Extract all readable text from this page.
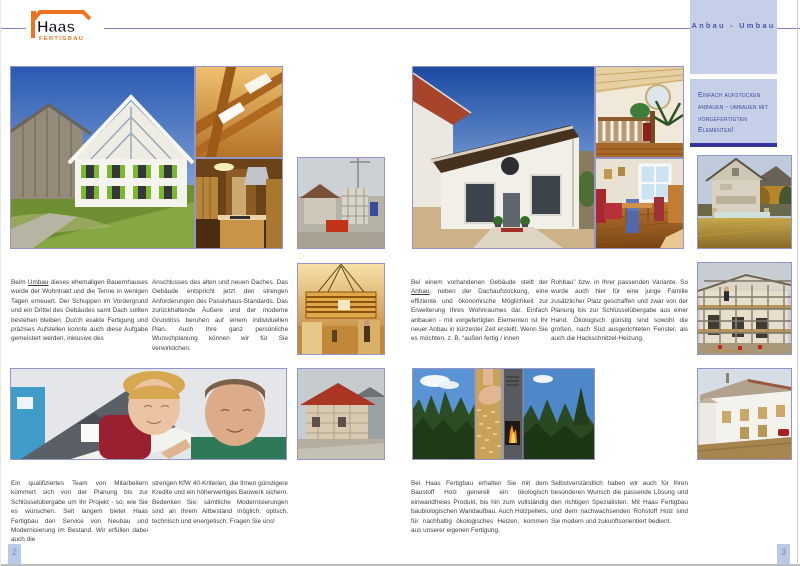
Haas
FERTIGBAU
Anbau - Umbau
Einfach aufstocken anbauen - umbauen mit vorgefertigten Elementen!

Beim Umbau dieses ehemaligen Bauernhauses wurde der Wohntrakt und die Tenne in wenigen Tagen erneuert. Der Schuppen im Vordergrund und ein Drittel des Gebäudes samt Dach sollten bestehen bleiben. Durch exakte Fertigung und präzises Aufstellen konnte auch diese Aufgabe gemeistert werden, inklusive des

Anschlusses des alten und neuen Daches. Das Gebäude entspricht jetzt den strengen Anforderungen des Passivhaus-Standards. Das zurückhaltende Äußere und der moderne Grundriss beruhen auf einem individuellen Plan. Auch Ihre ganz persönliche Wunschplanung können wir für Sie verwirklichen.

Ein qualifiziertes Team von Mitarbeitern kümmert sich von der Planung bis zur Schlüsselübergabe um Ihr Projekt - so, wie Sie es wünschen. Seit langem bietet Haas Fertigbau den Service von Neubau und Modernisierung im Bestand. Wir erfüllen dabei auch die

strengen KfW 40-Kriterien, die Ihnen günstigere Kredite und ein höherwertiges Bauwerk sichern. Bedenken Sie: sämtliche Modernisierungen sind an Ihrem Altbestand möglich: optisch, technisch und energetisch. Fragen Sie uns!

Bei einem vorhandenen Gebäude stellt der Anbau, neben der Dachaufstockung, eine effiziente und ökonomische Möglichkeit zur Erweiterung Ihres Wohnraumes dar. Einfach anbauen - mit vorgefertigten Elementen ist Ihr neuer Anbau in kürzester Zeit erstellt. Wenn Sie es möchten, z. B. “außen fertig / innen

Rohbau” bzw. in Ihrer passenden Variante. So wurde auch hier für eine junge Familie zusätzlicher Platz geschaffen und zwar von der Planung bis zur Schlüsselübergabe aus einer Hand. Ökologisch günstig sind sowohl die großen, nach Süd ausgerichteten Fenster, als auch die Hackschnitzel-Heizung.

Bei Haas Fertigbau erhalten Sie mit dem Baustoff Holz generell ein ökologisch einwandfreies Produkt, bis hin zum vollständig baubiologischen Wandaufbau. Auch Holzpellets, für nachhaltig ökologisches Heizen, kommen aus unserer eigenen Fertigung.

Selbstverständlich haben wir auch für Ihren besonderen Wunsch die passende Lösung und den richtigen Spezialisten. Mit Haas Fertigbau und dem nachwachsenden Rohstoff Holz sind Sie modern und zukunftsorientiert bedient.

2	3
